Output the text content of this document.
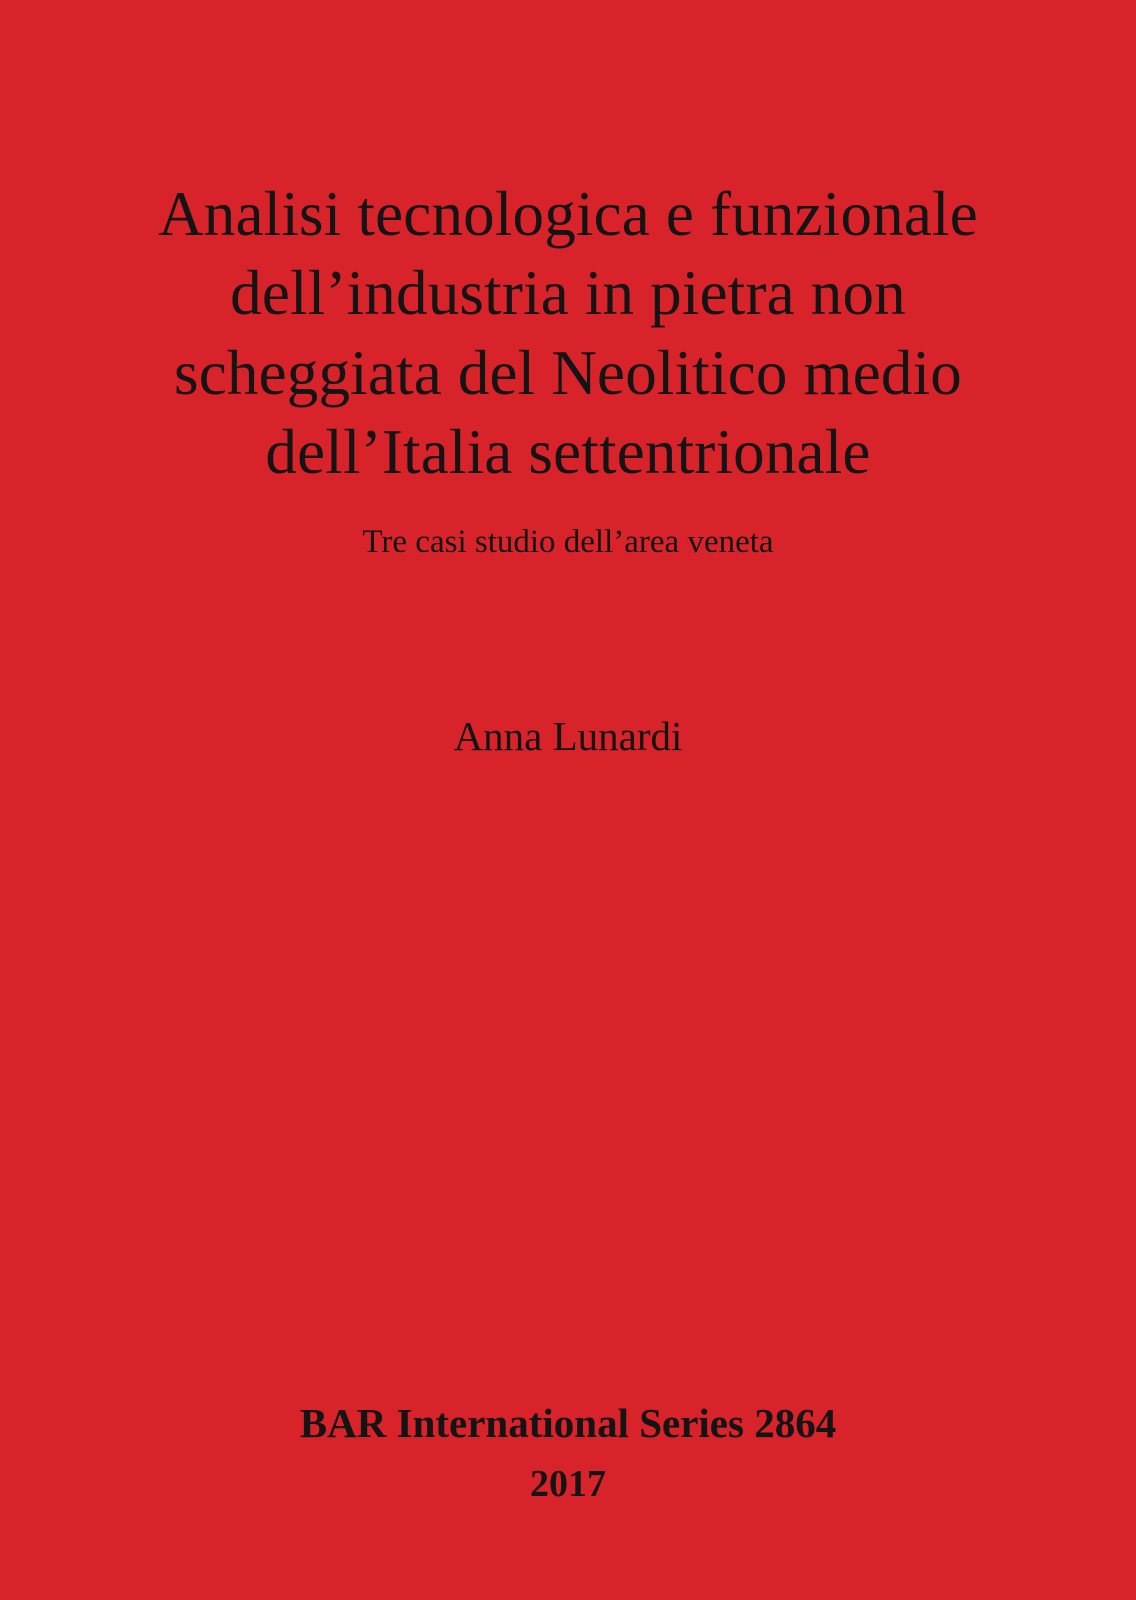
Analisi tecnologica e funzionale dell’industria in pietra non scheggiata del Neolitico medio dell’Italia settentrionale
Tre casi studio dell’area veneta
Anna Lunardi
BAR International Series 2864
2017
